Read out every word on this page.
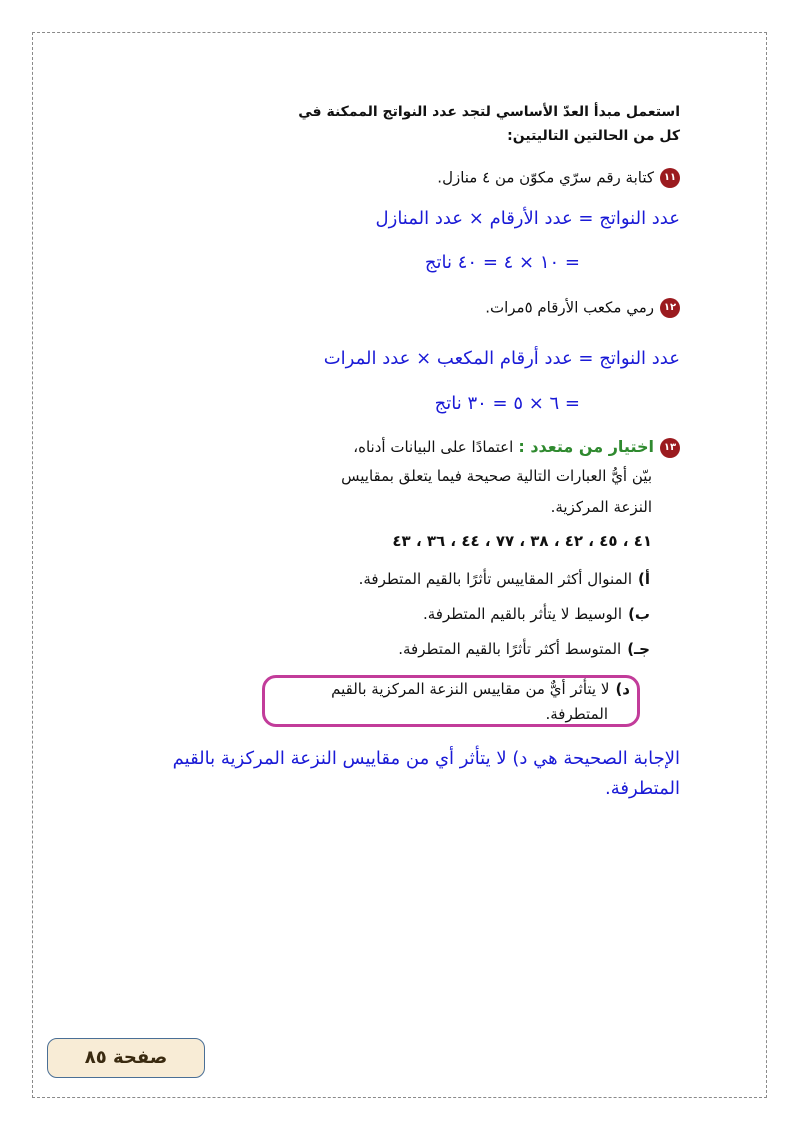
استعمل مبدأ العدّ الأساسي لتجد عدد النواتج الممكنة في
كل من الحالتين التاليتين:
١١كتابة رقم سرّي مكوّن من ٤ منازل.
عدد النواتج = عدد الأرقام × عدد المنازل
= ١٠ × ٤ = ٤٠ ناتج
١٢رمي مكعب الأرقام ٥مرات.
عدد النواتج = عدد أرقام المكعب × عدد المرات
= ٦ × ٥ = ٣٠ ناتج
١٣اختيار من متعدد : اعتمادًا على البيانات أدناه،
بيّن أيُّ العبارات التالية صحيحة فيما يتعلق بمقاييس
النزعة المركزية.
٤١ ، ٤٥ ، ٤٢ ، ٣٨ ، ٧٧ ، ٤٤ ، ٣٦ ، ٤٣
أ)المنوال أكثر المقاييس تأثرًا بالقيم المتطرفة.
ب)الوسيط لا يتأثر بالقيم المتطرفة.
جـ)المتوسط أكثر تأثرًا بالقيم المتطرفة.
د)لا يتأثر أيٌّ من مقاييس النزعة المركزية بالقيم
المتطرفة.
الإجابة الصحيحة هي د) لا يتأثر أي من مقاييس النزعة المركزية بالقيم
المتطرفة.
صفحة ٨٥
